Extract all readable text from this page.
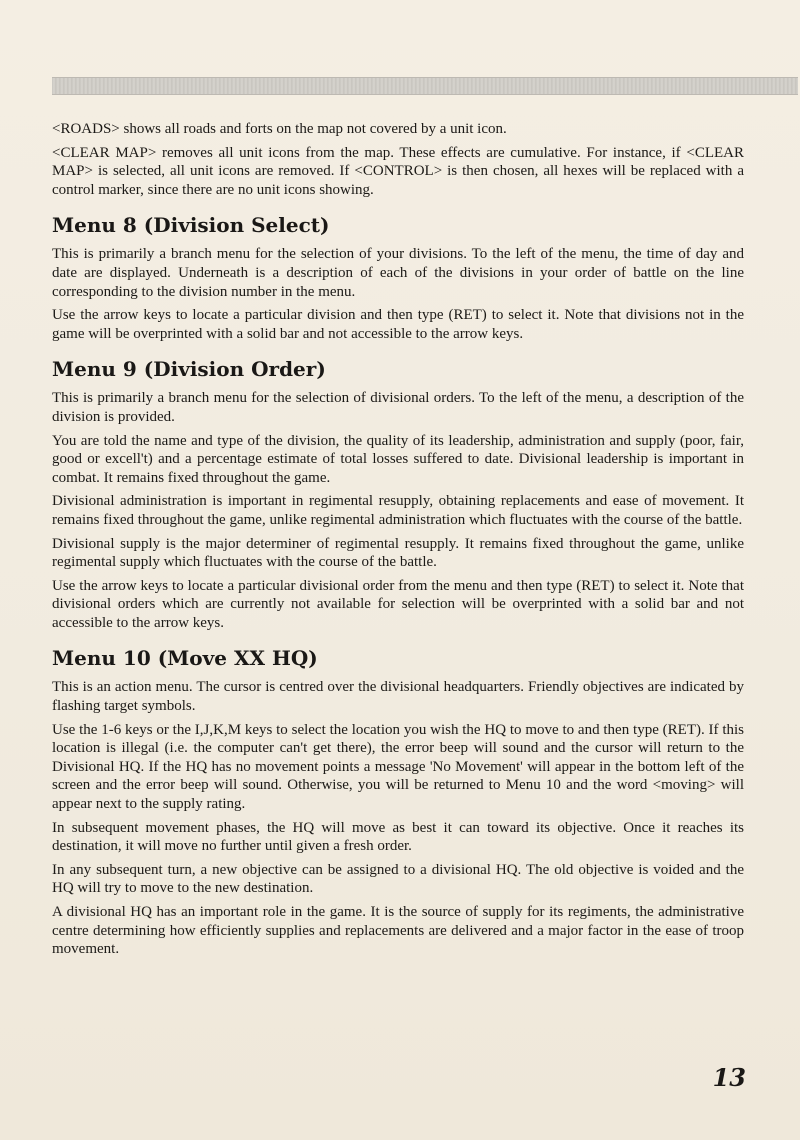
<ROADS> shows all roads and forts on the map not covered by a unit icon.

<CLEAR MAP> removes all unit icons from the map. These effects are cumulative. For instance, if <CLEAR MAP> is selected, all unit icons are removed. If <CONTROL> is then chosen, all hexes will be replaced with a control marker, since there are no unit icons showing.

Menu 8 (Division Select)

This is primarily a branch menu for the selection of your divisions. To the left of the menu, the time of day and date are displayed. Underneath is a description of each of the divisions in your order of battle on the line corresponding to the division number in the menu.

Use the arrow keys to locate a particular division and then type (RET) to select it. Note that divisions not in the game will be overprinted with a solid bar and not accessible to the arrow keys.

Menu 9 (Division Order)

This is primarily a branch menu for the selection of divisional orders. To the left of the menu, a description of the division is provided.

You are told the name and type of the division, the quality of its leadership, administration and supply (poor, fair, good or excell't) and a percentage estimate of total losses suffered to date. Divisional leadership is important in combat. It remains fixed throughout the game.

Divisional administration is important in regimental resupply, obtaining replacements and ease of movement. It remains fixed throughout the game, unlike regimental administration which fluctuates with the course of the battle.

Divisional supply is the major determiner of regimental resupply. It remains fixed throughout the game, unlike regimental supply which fluctuates with the course of the battle.

Use the arrow keys to locate a particular divisional order from the menu and then type (RET) to select it. Note that divisional orders which are currently not available for selection will be overprinted with a solid bar and not accessible to the arrow keys.

Menu 10 (Move XX HQ)

This is an action menu. The cursor is centred over the divisional headquarters. Friendly objectives are indicated by flashing target symbols.

Use the 1-6 keys or the I,J,K,M keys to select the location you wish the HQ to move to and then type (RET). If this location is illegal (i.e. the computer can't get there), the error beep will sound and the cursor will return to the Divisional HQ. If the HQ has no movement points a message 'No Movement' will appear in the bottom left of the screen and the error beep will sound. Otherwise, you will be returned to Menu 10 and the word <moving> will appear next to the supply rating.

In subsequent movement phases, the HQ will move as best it can toward its objective. Once it reaches its destination, it will move no further until given a fresh order.

In any subsequent turn, a new objective can be assigned to a divisional HQ. The old objective is voided and the HQ will try to move to the new destination.

A divisional HQ has an important role in the game. It is the source of supply for its regiments, the administrative centre determining how efficiently supplies and replacements are delivered and a major factor in the ease of troop movement.

13
